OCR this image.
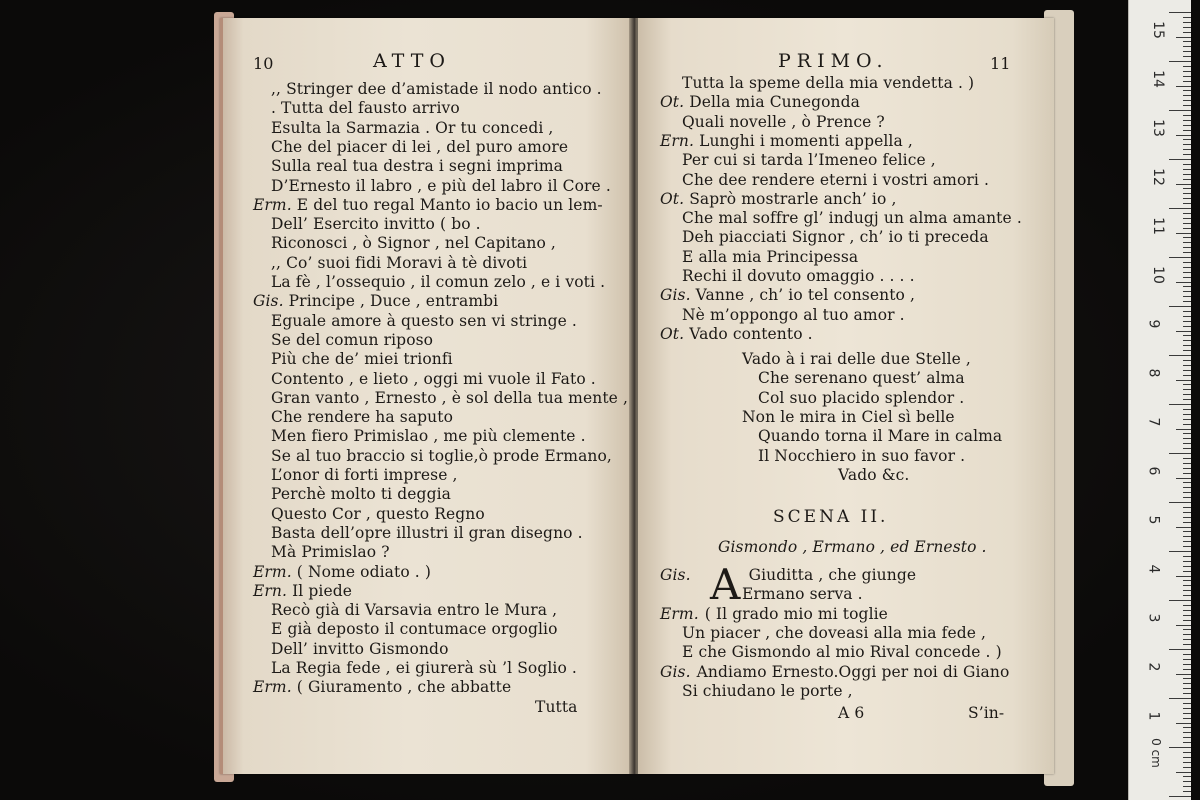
10	ATTO
,, Stringer dee d’amistade il nodo antico .
. Tutta del fausto arrivo
Esulta la Sarmazia . Or tu concedi ,
Che del piacer di lei , del puro amore
Sulla real tua destra i segni imprima
D’Ernesto il labro , e più del labro il Core .
Erm. E del tuo regal Manto io bacio un lem-
Dell’ Esercito invitto ( bo .
Riconosci , ò Signor , nel Capitano ,
,, Co’ suoi fidi Moravi à tè divoti
La fè , l’ossequio , il comun zelo , e i voti .
Gis. Principe , Duce , entrambi
Eguale amore à questo sen vi stringe .
Se del comun riposo
Più che de’ miei trionfi
Contento , e lieto , oggi mi vuole il Fato .
Gran vanto , Ernesto , è sol della tua mente ,
Che rendere ha saputo
Men fiero Primislao , me più clemente .
Se al tuo braccio si toglie,ò prode Ermano,
L’onor di forti imprese ,
Perchè molto ti deggia
Questo Cor , questo Regno
Basta dell’opre illustri il gran disegno .
Mà Primislao ?
Erm. ( Nome odiato . )
Ern. Il piede
Recò già di Varsavia entro le Mura ,
E già deposto il contumace orgoglio
Dell’ invitto Gismondo
La Regia fede , ei giurerà sù ’l Soglio .
Erm. ( Giuramento , che abbatte
Tutta
PRIMO.	11
Tutta la speme della mia vendetta . )
Ot. Della mia Cunegonda
Quali novelle , ò Prence ?
Ern. Lunghi i momenti appella ,
Per cui si tarda l’Imeneo felice ,
Che dee rendere eterni i vostri amori .
Ot. Saprò mostrarle anch’ io ,
Che mal soffre gl’ indugj un alma amante .
Deh piacciati Signor , ch’ io ti preceda
E alla mia Principessa
Rechi il dovuto omaggio . . . .
Gis. Vanne , ch’ io tel consento ,
Nè m’oppongo al tuo amor .
Ot. Vado contento .
Vado à i rai delle due Stelle ,
Che serenano quest’ alma
Col suo placido splendor .
Non le mira in Ciel sì belle
Quando torna il Mare in calma
Il Nocchiero in suo favor .
Vado &c.
SCENA II.
Gismondo , Ermano , ed Ernesto .
A
Gis.	Giuditta , che giunge
Ermano serva .
Erm. ( Il grado mio mi toglie
Un piacer , che doveasi alla mia fede ,
E che Gismondo al mio Rival concede . )
Gis. Andiamo Ernesto.Oggi per noi di Giano
Si chiudano le porte ,
A 6	S’in-
15
14
13
12
11
10
9
8
7
6
5
4
3
2
1
0 cm
